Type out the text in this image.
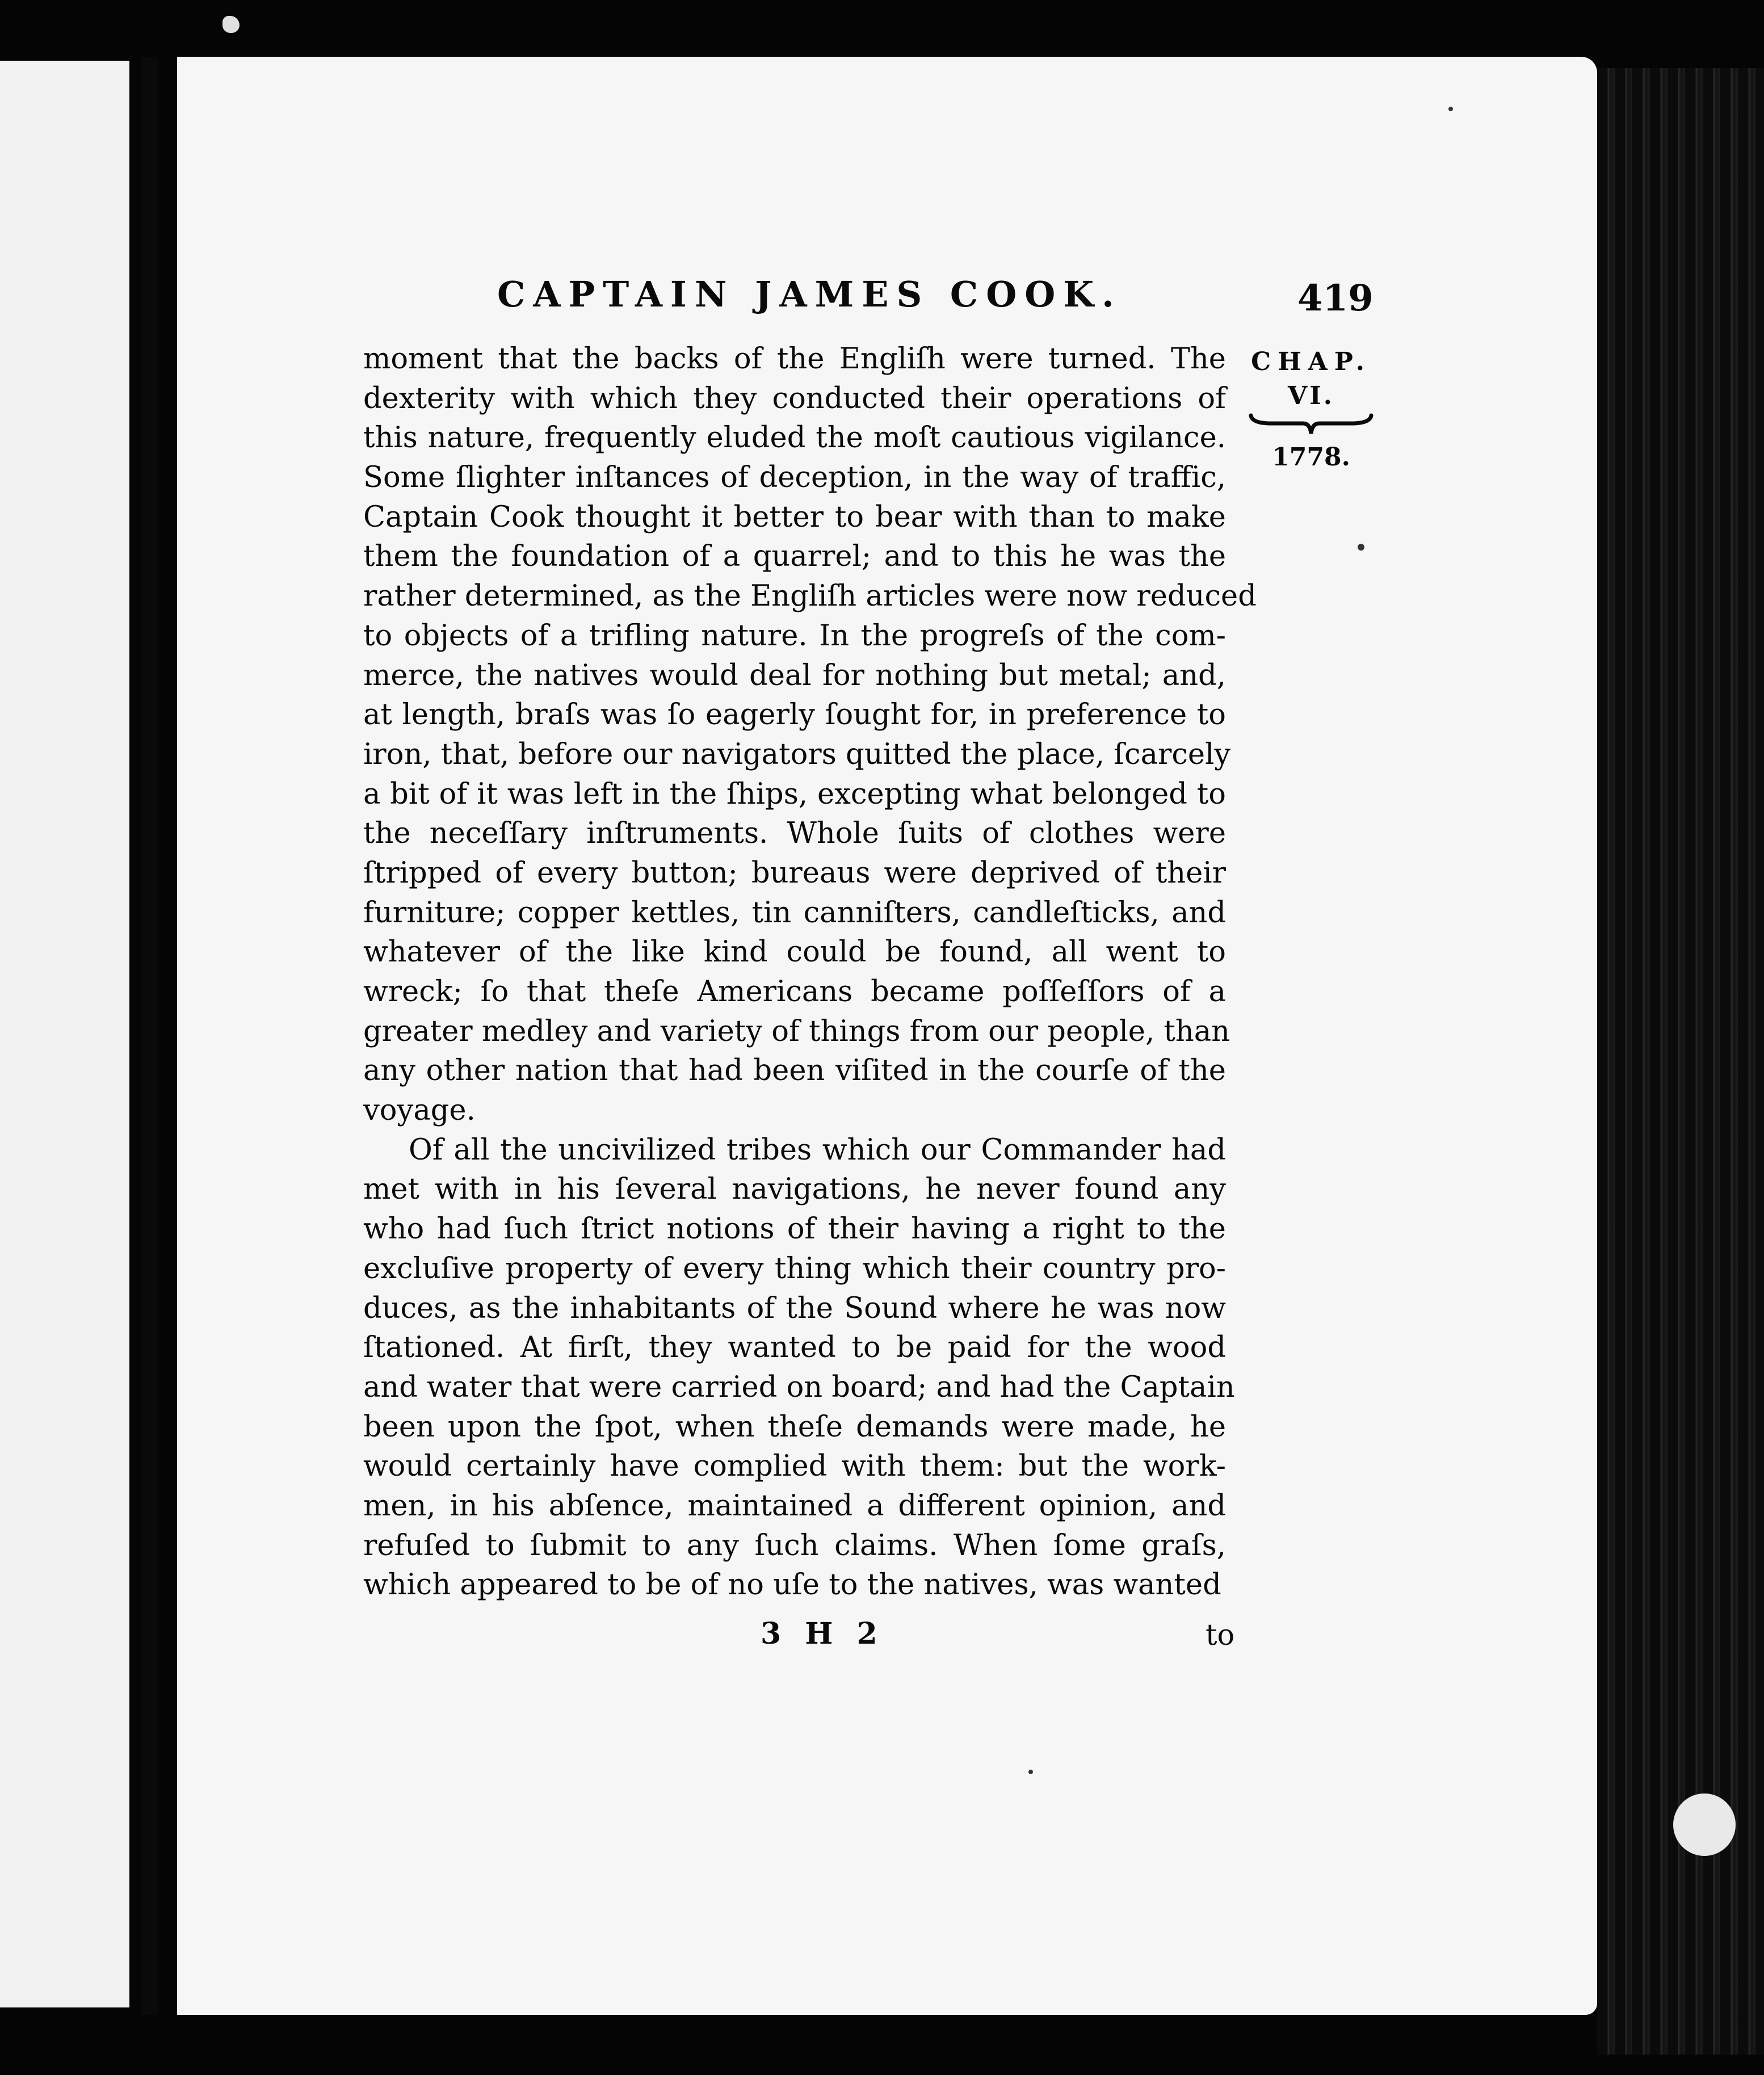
CAPTAIN JAMES COOK.	419
CHAP.
VI.
1778.

moment that the backs of the Engliſh were turned. The
dexterity with which they conducted their operations of
this nature, frequently eluded the moſt cautious vigilance.
Some ſlighter inſtances of deception, in the way of traffic,
Captain Cook thought it better to bear with than to make
them the foundation of a quarrel; and to this he was the
rather determined, as the Engliſh articles were now reduced
to objects of a trifling nature. In the progreſs of the com-
merce, the natives would deal for nothing but metal; and,
at length, braſs was ſo eagerly ſought for, in preference to
iron, that, before our navigators quitted the place, ſcarcely
a bit of it was left in the ſhips, excepting what belonged to
the neceſſary inſtruments. Whole ſuits of clothes were
ſtripped of every button; bureaus were deprived of their
furniture; copper kettles, tin canniſters, candleſticks, and
whatever of the like kind could be found, all went to
wreck; ſo that theſe Americans became poſſeſſors of a
greater medley and variety of things from our people, than
any other nation that had been viſited in the courſe of the
voyage.

Of all the uncivilized tribes which our Commander had
met with in his ſeveral navigations, he never found any
who had ſuch ſtrict notions of their having a right to the
excluſive property of every thing which their country pro-
duces, as the inhabitants of the Sound where he was now
ſtationed. At firſt, they wanted to be paid for the wood
and water that were carried on board; and had the Captain
been upon the ſpot, when theſe demands were made, he
would certainly have complied with them: but the work-
men, in his abſence, maintained a different opinion, and
refuſed to ſubmit to any ſuch claims. When ſome graſs,
which appeared to be of no uſe to the natives, was wanted

3 H 2	to
